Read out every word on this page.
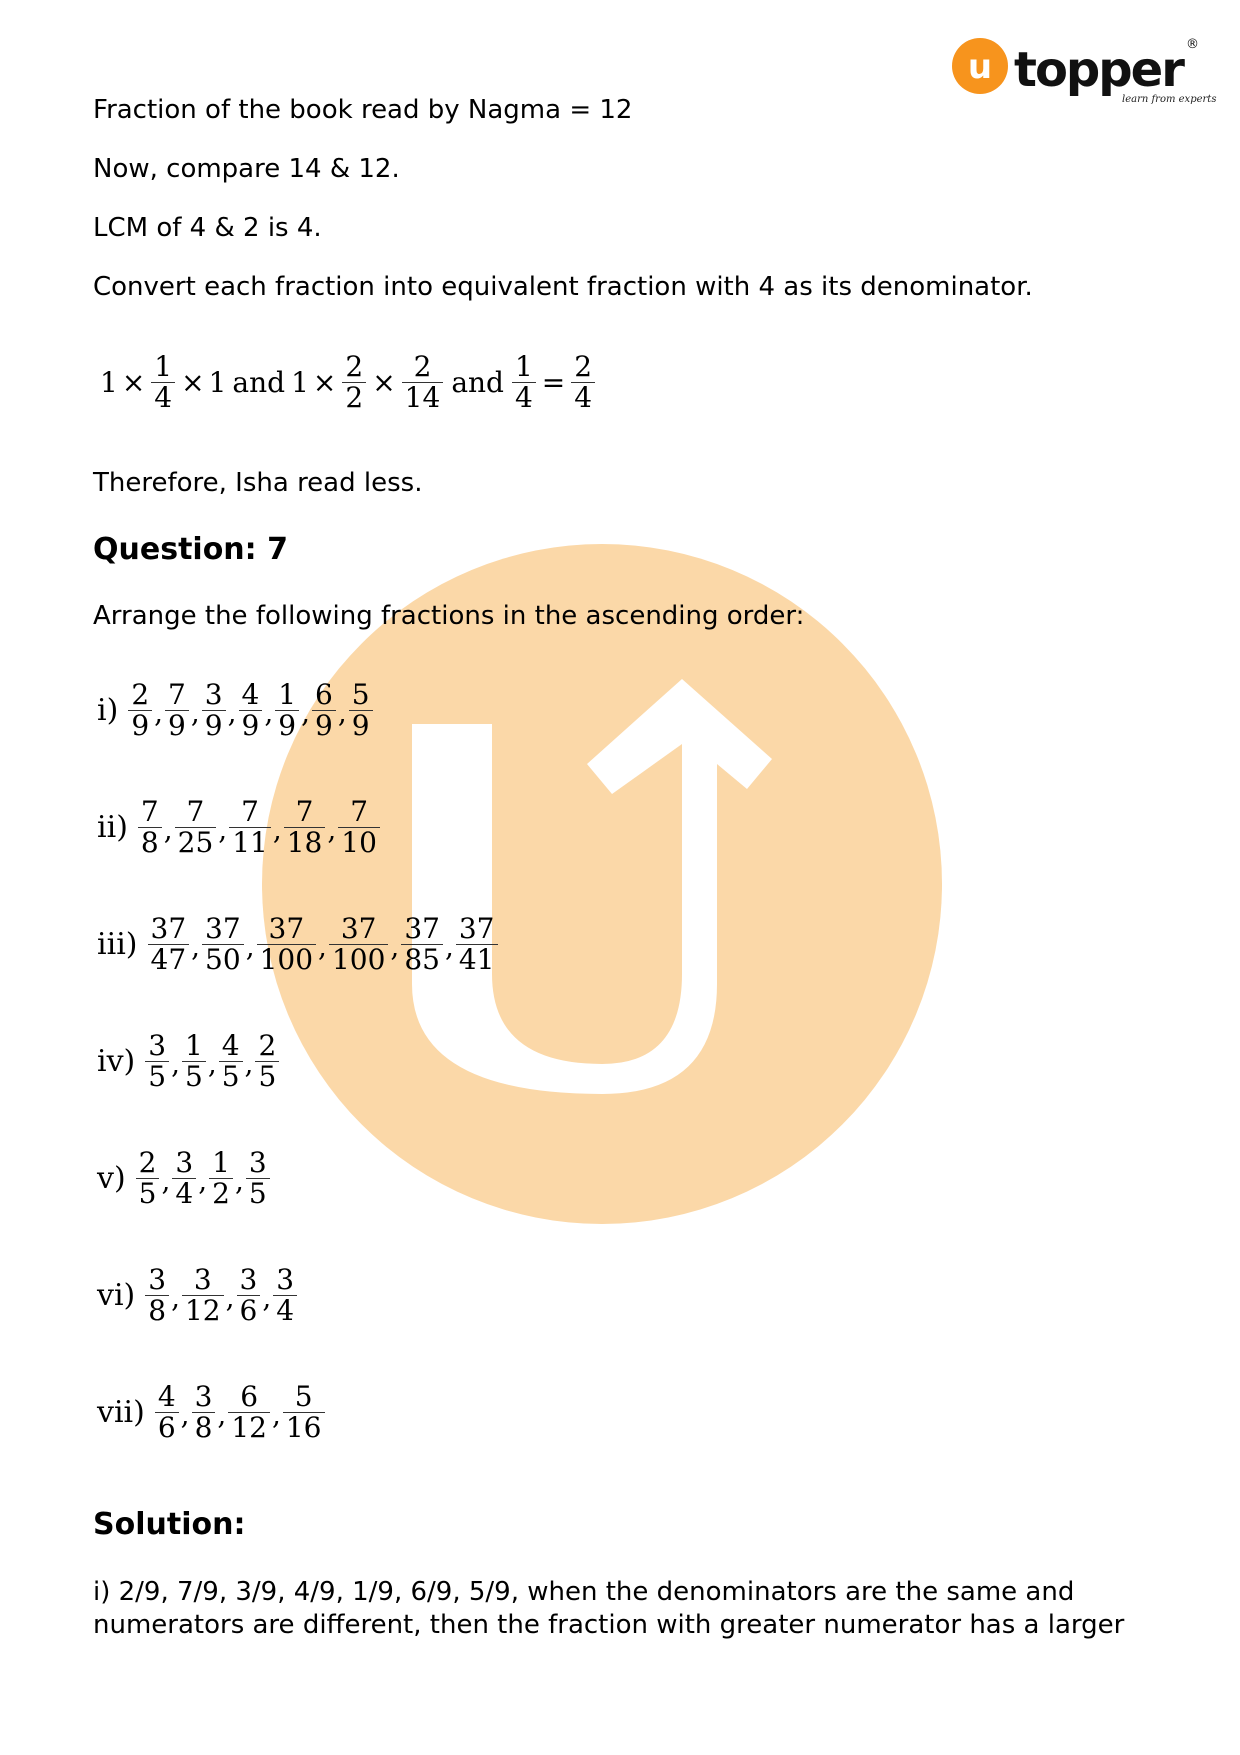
u topper
learn from experts
®
Fraction of the book read by Nagma = 12
Now, compare 14 & 12.
LCM of 4 & 2 is 4.
Convert each fraction into equivalent fraction with 4 as its denominator.
$1 \times \frac{1}{4} \times 1$ and $1 \times \frac{2}{2} \times \frac{2}{14}$ and $\frac{1}{4} = \frac{2}{4}$
Therefore, Isha read less.
Question: 7
Arrange the following fractions in the ascending order:
$i) \frac{2}{9}$ , $\frac{7}{9}$ , $\frac{3}{9}$ , $\frac{4}{9}$ , $\frac{1}{9}$ , $\frac{6}{9}$ , $\frac{5}{9}$
$ii) \frac{7}{8}$ , $\frac{7}{25}$ , $\frac{7}{11}$ , $\frac{7}{18}$ , $\frac{7}{10}$
$iii) \frac{37}{47}$ , $\frac{37}{50}$ , $\frac{37}{100}$ , $\frac{37}{100}$ , $\frac{37}{85}$ , $\frac{37}{41}$
$iv) \frac{3}{5}$ , $\frac{1}{5}$ , $\frac{4}{5}$ , $\frac{2}{5}$
$v) \frac{2}{5}$ , $\frac{3}{4}$ , $\frac{1}{2}$ , $\frac{3}{5}$
$vi) \frac{3}{8}$ , $\frac{3}{12}$ , $\frac{3}{6}$ , $\frac{3}{4}$
$vii) \frac{4}{6}$ , $\frac{3}{8}$ , $\frac{6}{12}$ , $\frac{5}{16}$
Solution:
i) 2/9, 7/9, 3/9, 4/9, 1/9, 6/9, 5/9, when the denominators are the same and
numerators are different, then the fraction with greater numerator has a larger
